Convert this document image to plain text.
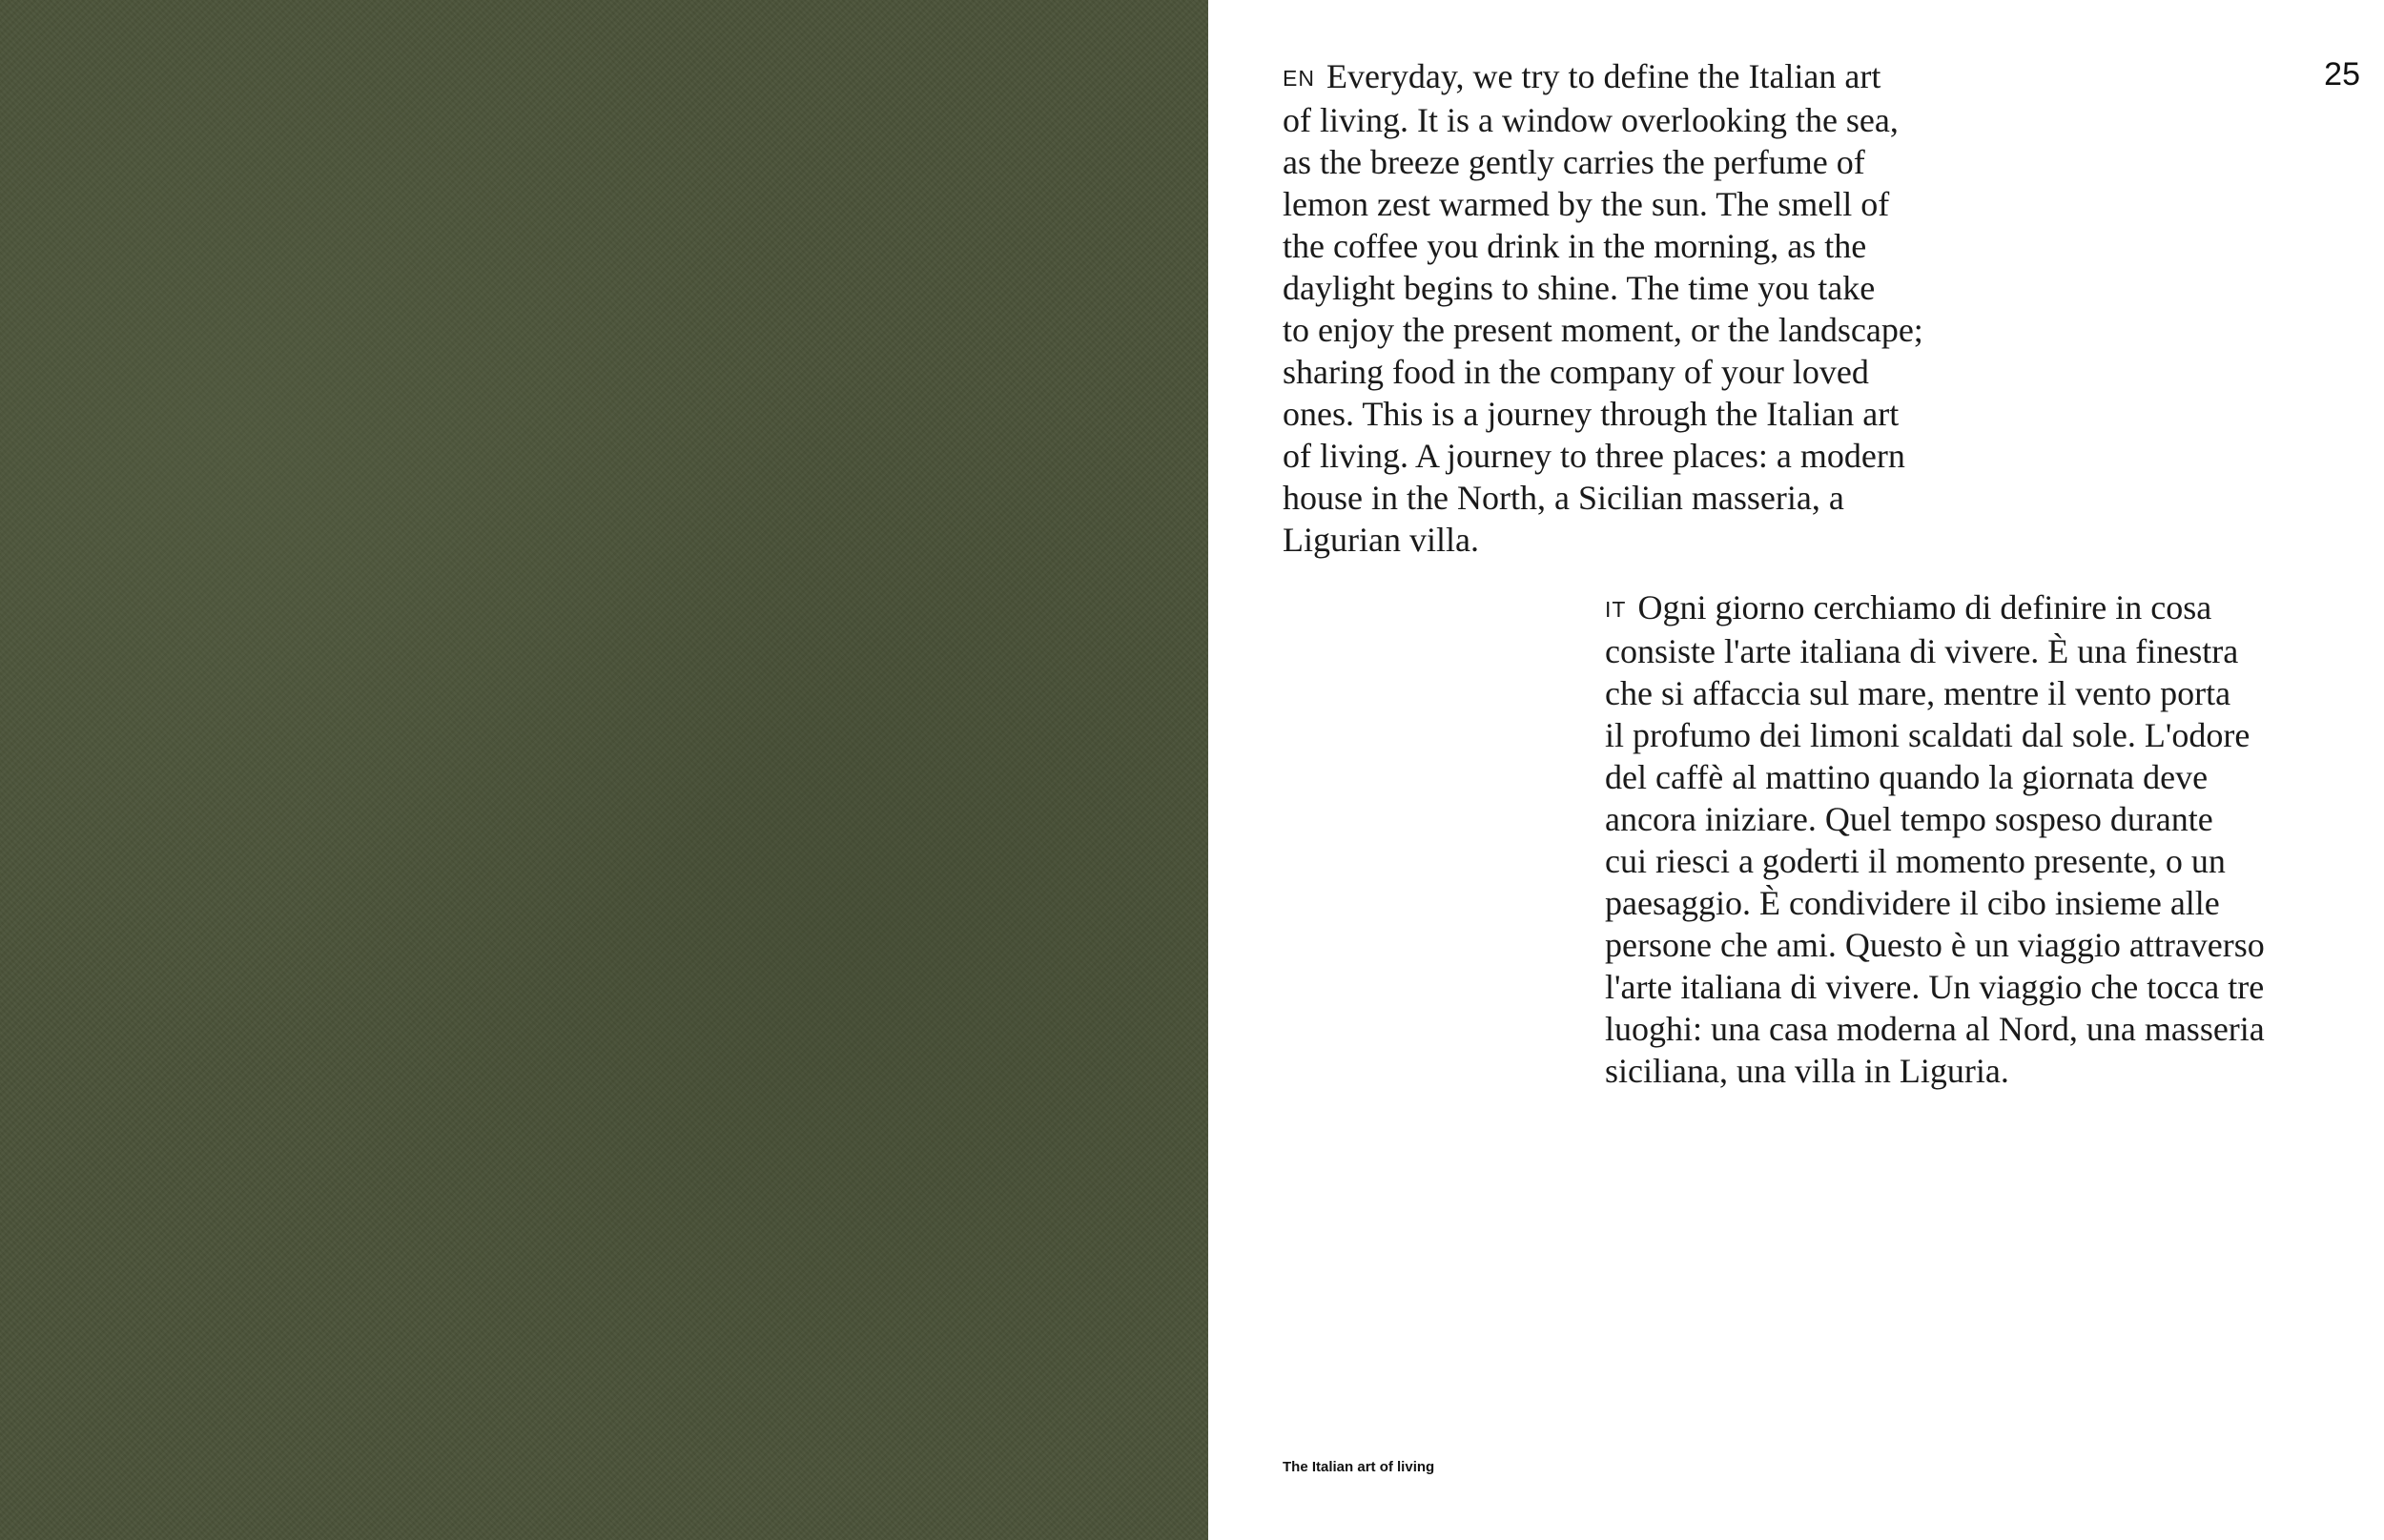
25

EN Everyday, we try to define the Italian art
of living. It is a window overlooking the sea,
as the breeze gently carries the perfume of
lemon zest warmed by the sun. The smell of
the coffee you drink in the morning, as the
daylight begins to shine. The time you take
to enjoy the present moment, or the landscape;
sharing food in the company of your loved
ones. This is a journey through the Italian art
of living. A journey to three places: a modern
house in the North, a Sicilian masseria, a
Ligurian villa.

IT Ogni giorno cerchiamo di definire in cosa
consiste l'arte italiana di vivere. È una finestra
che si affaccia sul mare, mentre il vento porta
il profumo dei limoni scaldati dal sole. L'odore
del caffè al mattino quando la giornata deve
ancora iniziare. Quel tempo sospeso durante
cui riesci a goderti il momento presente, o un
paesaggio. È condividere il cibo insieme alle
persone che ami. Questo è un viaggio attraverso
l'arte italiana di vivere. Un viaggio che tocca tre
luoghi: una casa moderna al Nord, una masseria
siciliana, una villa in Liguria.

The Italian art of living
